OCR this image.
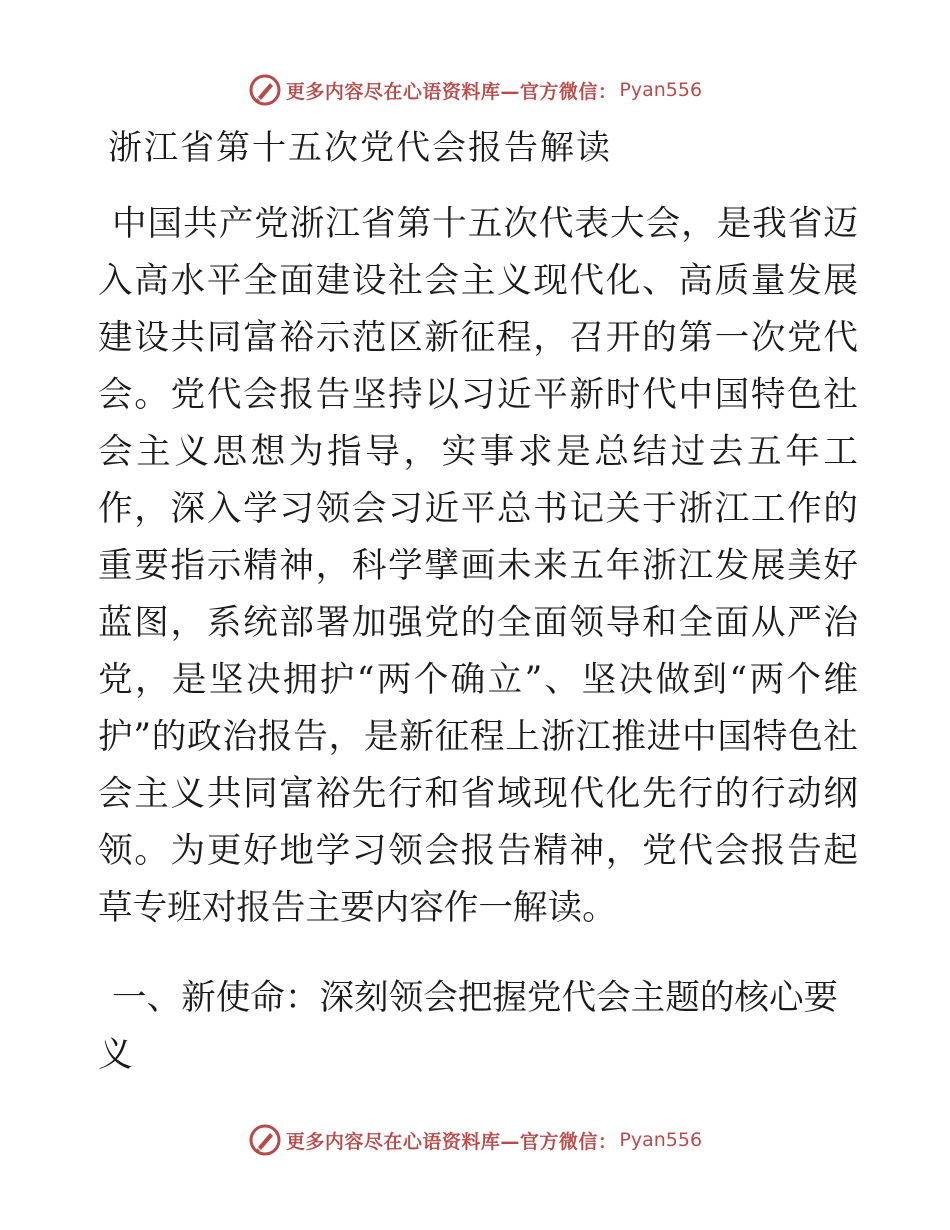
更多内容尽在心语资料库—官方微信： Pyan556
浙江省第十五次党代会报告解读

中国共产党浙江省第十五次代表大会，是我省迈入高水平全面建设社会主义现代化、高质量发展建设共同富裕示范区新征程，召开的第一次党代会。党代会报告坚持以习近平新时代中国特色社会主义思想为指导，实事求是总结过去五年工作，深入学习领会习近平总书记关于浙江工作的重要指示精神，科学擘画未来五年浙江发展美好蓝图，系统部署加强党的全面领导和全面从严治党，是坚决拥护“两个确立”、坚决做到“两个维护”的政治报告，是新征程上浙江推进中国特色社会主义共同富裕先行和省域现代化先行的行动纲领。为更好地学习领会报告精神，党代会报告起草专班对报告主要内容作一解读。

一、新使命：深刻领会把握党代会主题的核心要义
更多内容尽在心语资料库—官方微信： Pyan556
